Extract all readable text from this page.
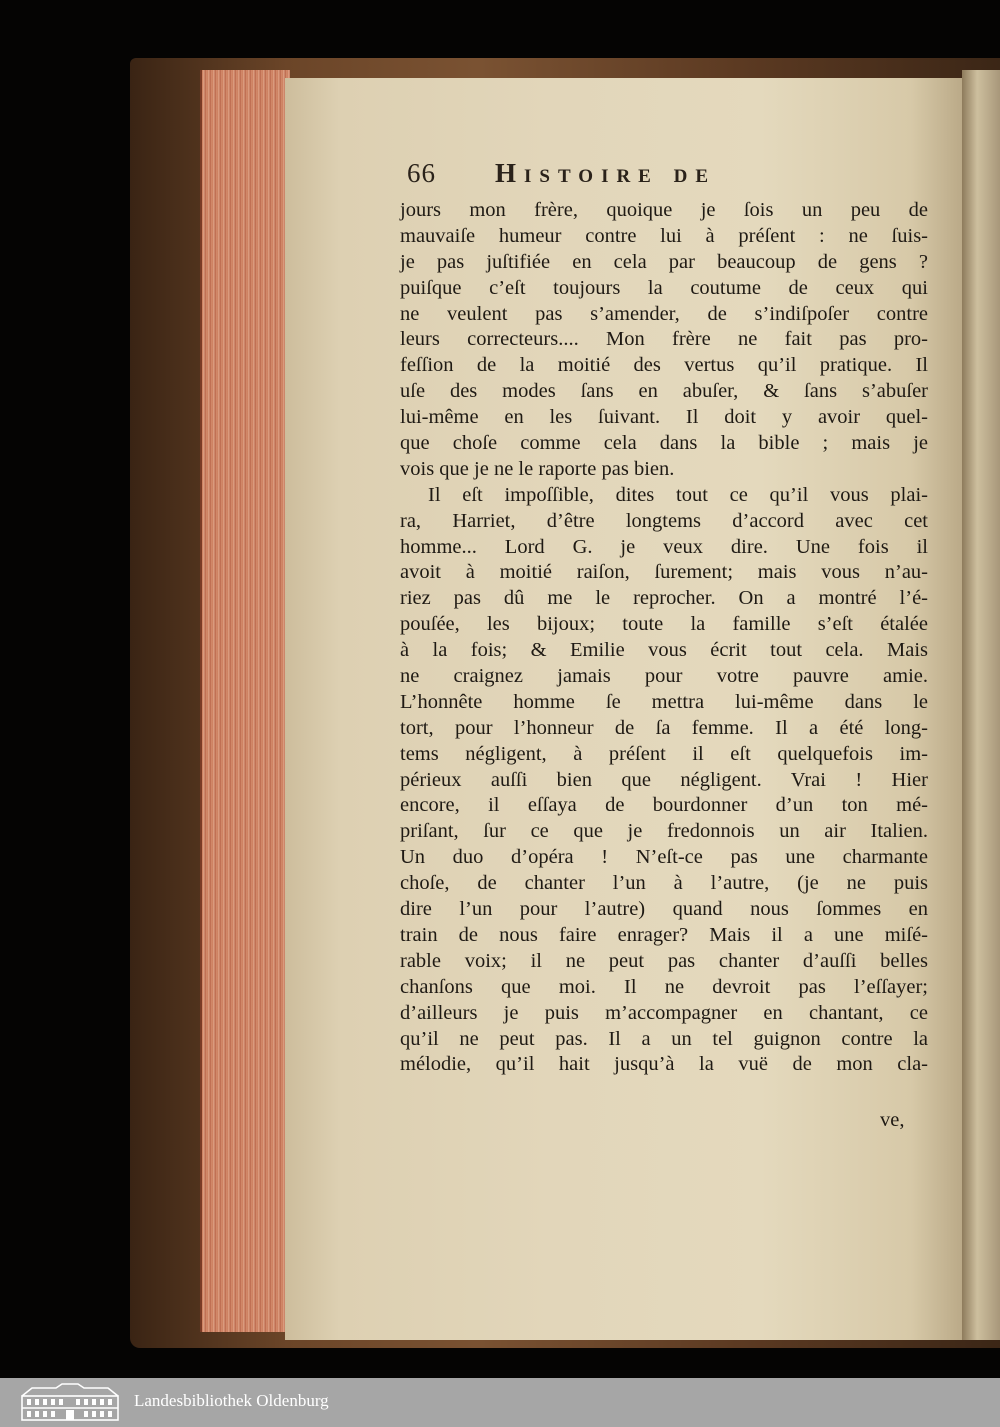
66 Histoire de
jours mon frère, quoique je ſois un peu de
mauvaiſe humeur contre lui à préſent : ne ſuis-
je pas juſtifiée en cela par beaucoup de gens ?
puiſque c’eſt toujours la coutume de ceux qui
ne veulent pas s’amender, de s’indiſpoſer contre
leurs correcteurs.... Mon frère ne fait pas pro-
feſſion de la moitié des vertus qu’il pratique. Il
uſe des modes ſans en abuſer, & ſans s’abuſer
lui-même en les ſuivant. Il doit y avoir quel-
que choſe comme cela dans la bible ; mais je
vois que je ne le raporte pas bien.
Il eſt impoſſible, dites tout ce qu’il vous plai-
ra, Harriet, d’être longtems d’accord avec cet
homme... Lord G. je veux dire. Une fois il
avoit à moitié raiſon, ſurement; mais vous n’au-
riez pas dû me le reprocher. On a montré l’é-
pouſée, les bijoux; toute la famille s’eſt étalée
à la fois; & Emilie vous écrit tout cela. Mais
ne craignez jamais pour votre pauvre amie.
L’honnête homme ſe mettra lui-même dans le
tort, pour l’honneur de ſa femme. Il a été long-
tems négligent, à préſent il eſt quelquefois im-
périeux auſſi bien que négligent. Vrai ! Hier
encore, il eſſaya de bourdonner d’un ton mé-
priſant, ſur ce que je fredonnois un air Italien.
Un duo d’opéra ! N’eſt-ce pas une charmante
choſe, de chanter l’un à l’autre, (je ne puis
dire l’un pour l’autre) quand nous ſommes en
train de nous faire enrager? Mais il a une miſé-
rable voix; il ne peut pas chanter d’auſſi belles
chanſons que moi. Il ne devroit pas l’eſſayer;
d’ailleurs je puis m’accompagner en chantant, ce
qu’il ne peut pas. Il a un tel guignon contre la
mélodie, qu’il hait jusqu’à la vuë de mon cla-
ve,
Landesbibliothek Oldenburg
